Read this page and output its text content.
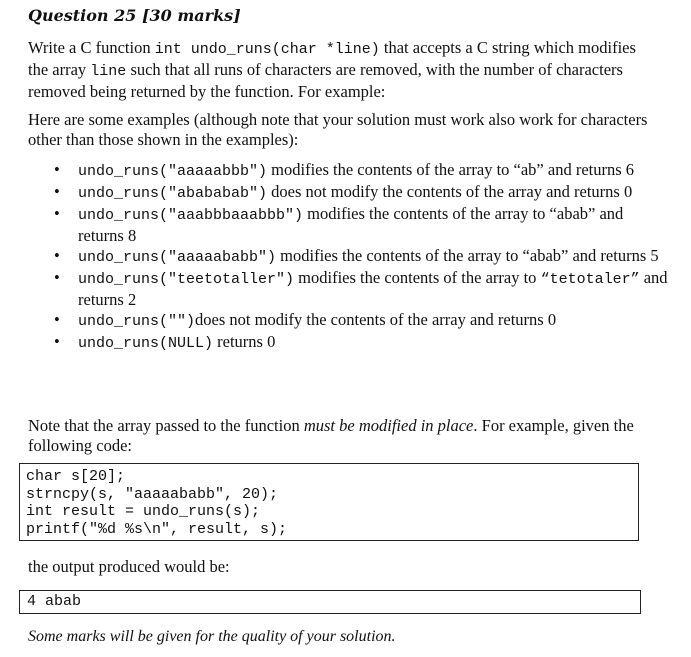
Question 25 [30 marks]
Write a C function int undo_runs(char *line) that accepts a C string which modifies the array line such that all runs of characters are removed, with the number of characters removed being returned by the function. For example:
Here are some examples (although note that your solution must work also work for characters other than those shown in the examples):
• undo_runs("aaaaabbb") modifies the contents of the array to “ab” and returns 6
• undo_runs("abababab") does not modify the contents of the array and returns 0
• undo_runs("aaabbbaaabbb") modifies the contents of the array to “abab” and returns 8
• undo_runs("aaaaababb") modifies the contents of the array to “abab” and returns 5
• undo_runs("teetotaller") modifies the contents of the array to “tetotaler” and returns 2
• undo_runs("")does not modify the contents of the array and returns 0
• undo_runs(NULL) returns 0
Note that the array passed to the function must be modified in place. For example, given the following code:
char s[20];
strncpy(s, "aaaaababb", 20);
int result = undo_runs(s);
printf("%d %s\n", result, s);
the output produced would be:
4 abab
Some marks will be given for the quality of your solution.
